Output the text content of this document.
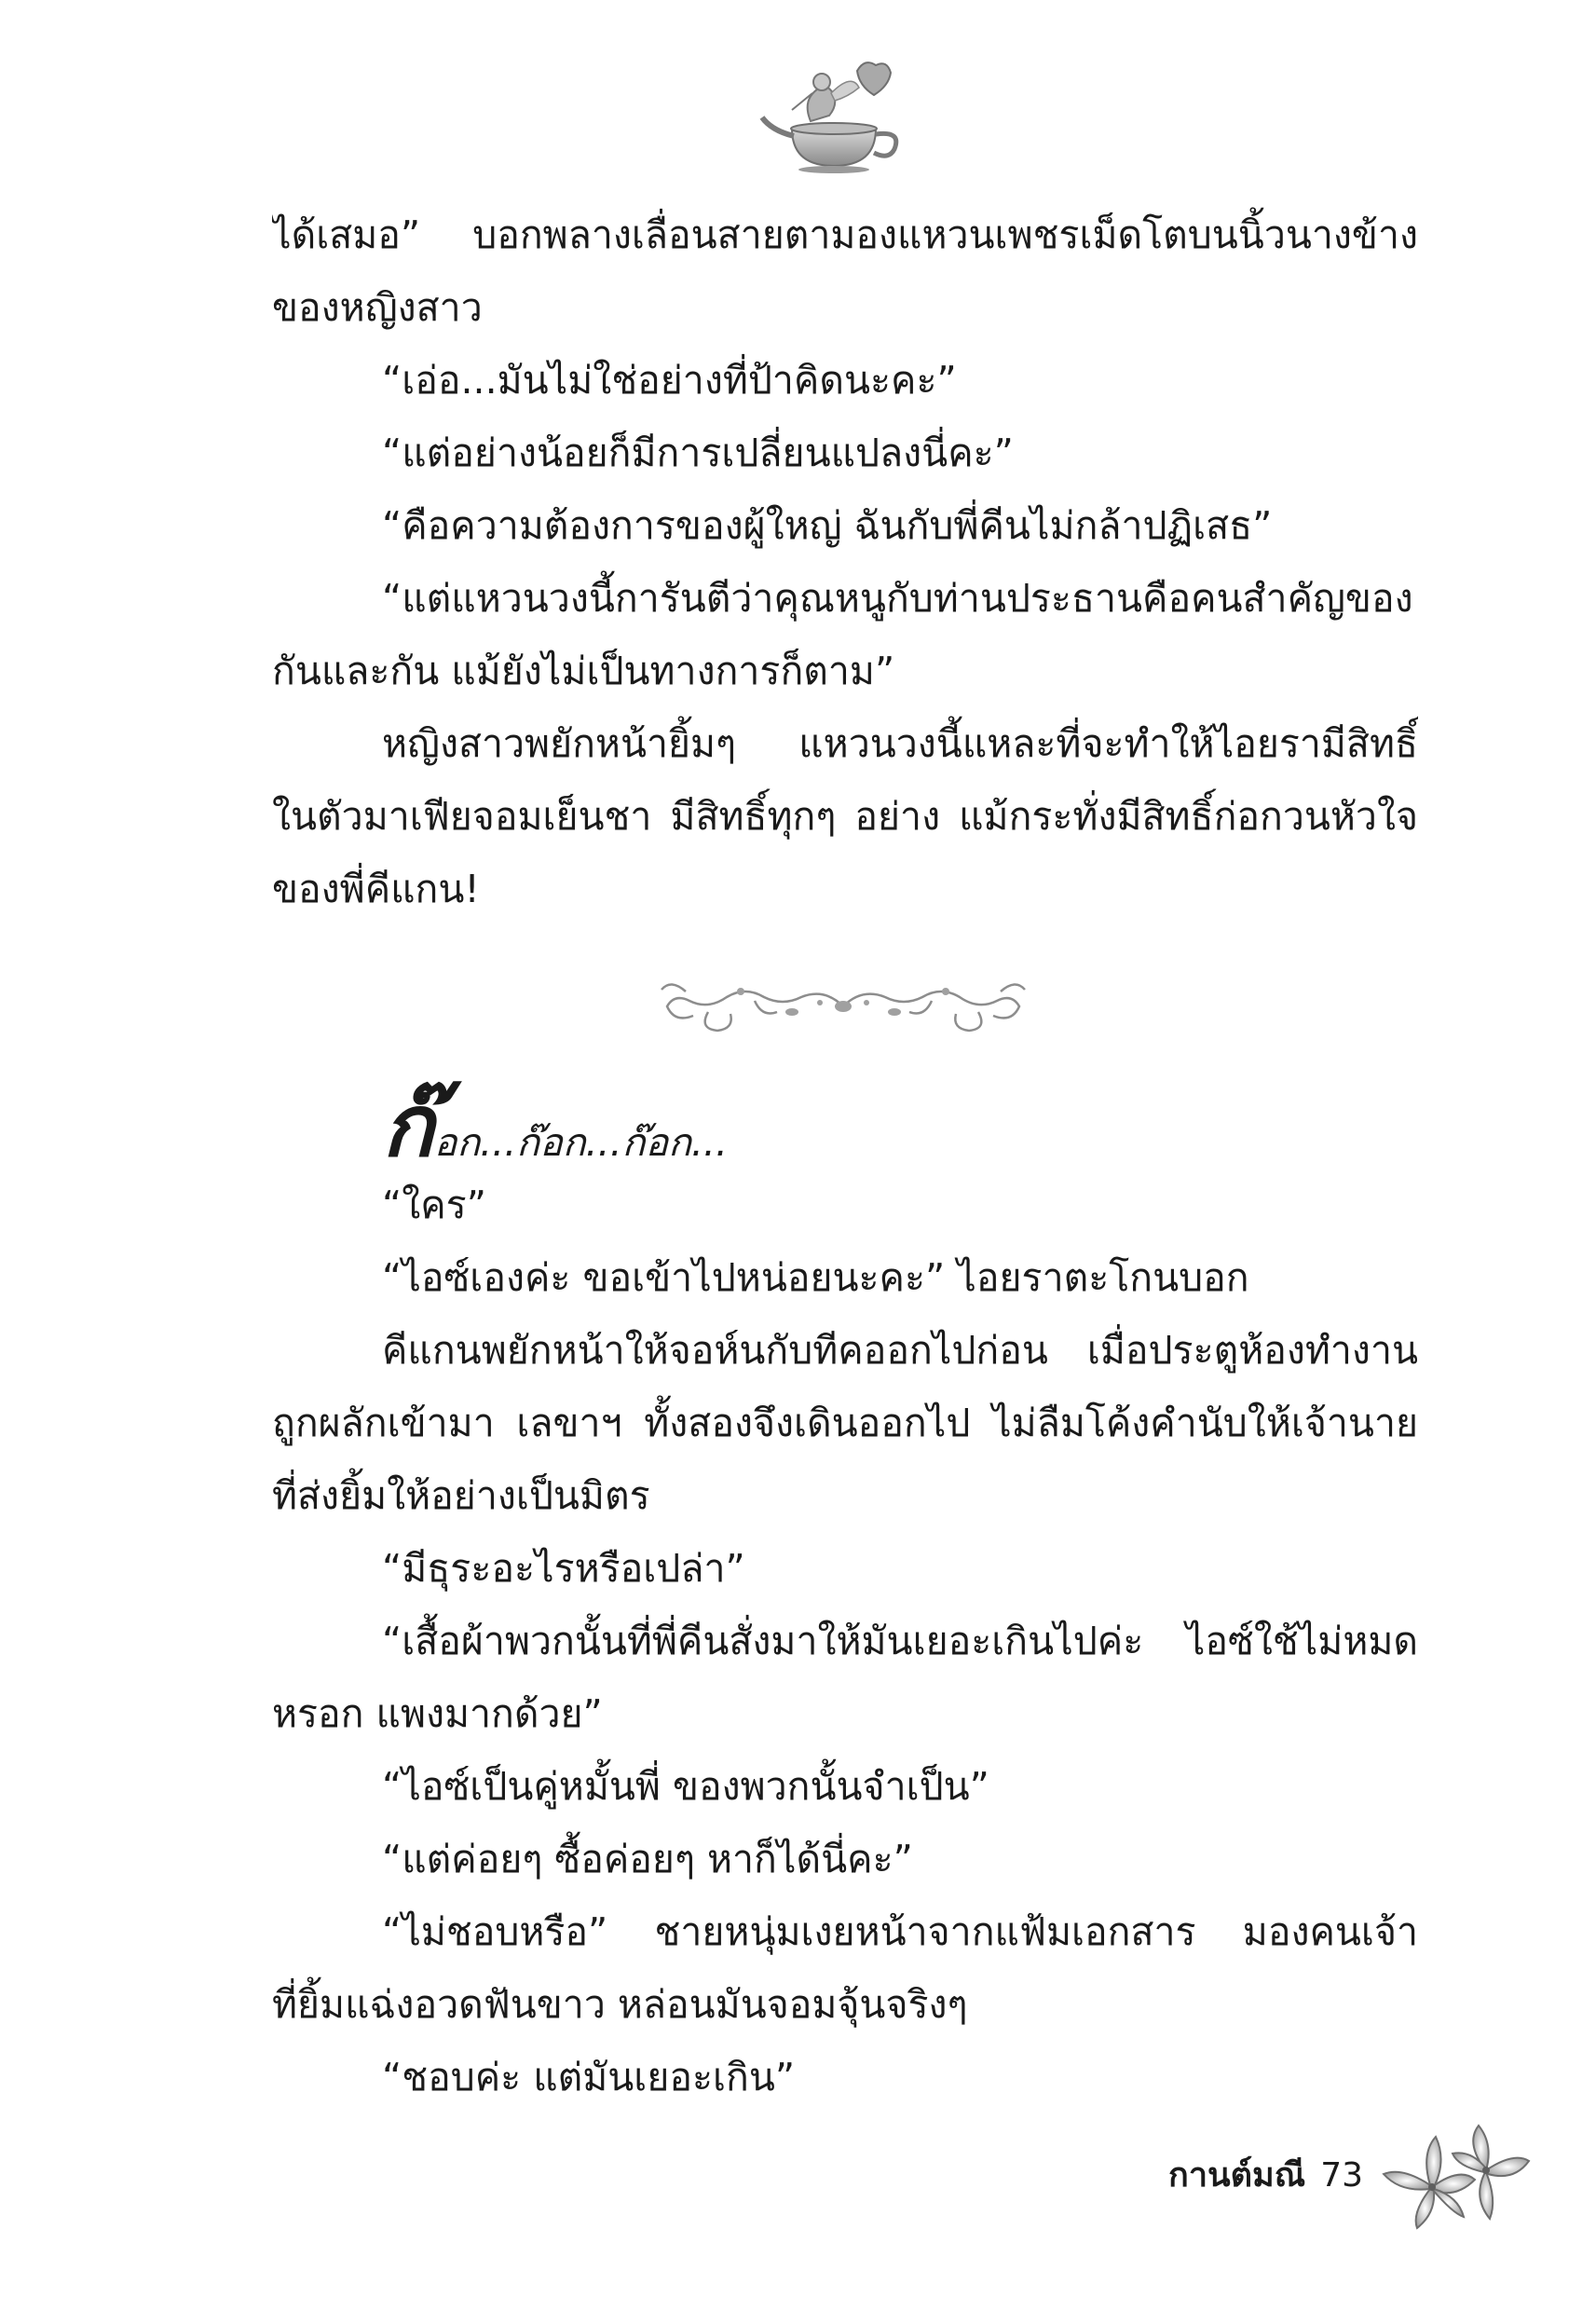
ได้เสมอ” บอกพลางเลื่อนสายตามองแหวนเพชรเม็ดโตบนนิ้วนางข้าง
ของหญิงสาว
“เอ่อ...มันไม่ใช่อย่างที่ป้าคิดนะคะ”
“แต่อย่างน้อยก็มีการเปลี่ยนแปลงนี่คะ”
“คือความต้องการของผู้ใหญ่ ฉันกับพี่คีนไม่กล้าปฏิเสธ”
“แต่แหวนวงนี้การันตีว่าคุณหนูกับท่านประธานคือคนสำคัญของ
กันและกัน แม้ยังไม่เป็นทางการก็ตาม”
หญิงสาวพยักหน้ายิ้มๆ แหวนวงนี้แหละที่จะทำให้ไอยรามีสิทธิ์
ในตัวมาเฟียจอมเย็นชา มีสิทธิ์ทุกๆ อย่าง แม้กระทั่งมีสิทธิ์ก่อกวนหัวใจ
ของพี่คีแกน!
ก๊อก...ก๊อก...ก๊อก...
“ใคร”
“ไอซ์เองค่ะ ขอเข้าไปหน่อยนะคะ” ไอยราตะโกนบอก
คีแกนพยักหน้าให้จอห์นกับทีคออกไปก่อน เมื่อประตูห้องทำงาน
ถูกผลักเข้ามา เลขาฯ ทั้งสองจึงเดินออกไป ไม่ลืมโค้งคำนับให้เจ้านาย
ที่ส่งยิ้มให้อย่างเป็นมิตร
“มีธุระอะไรหรือเปล่า”
“เสื้อผ้าพวกนั้นที่พี่คีนสั่งมาให้มันเยอะเกินไปค่ะ ไอซ์ใช้ไม่หมด
หรอก แพงมากด้วย”
“ไอซ์เป็นคู่หมั้นพี่ ของพวกนั้นจำเป็น”
“แต่ค่อยๆ ซื้อค่อยๆ หาก็ได้นี่คะ”
“ไม่ชอบหรือ” ชายหนุ่มเงยหน้าจากแฟ้มเอกสาร มองคนเจ้า
ที่ยิ้มแฉ่งอวดฟันขาว หล่อนมันจอมจุ้นจริงๆ
“ชอบค่ะ แต่มันเยอะเกิน”
กานต์มณี 73
